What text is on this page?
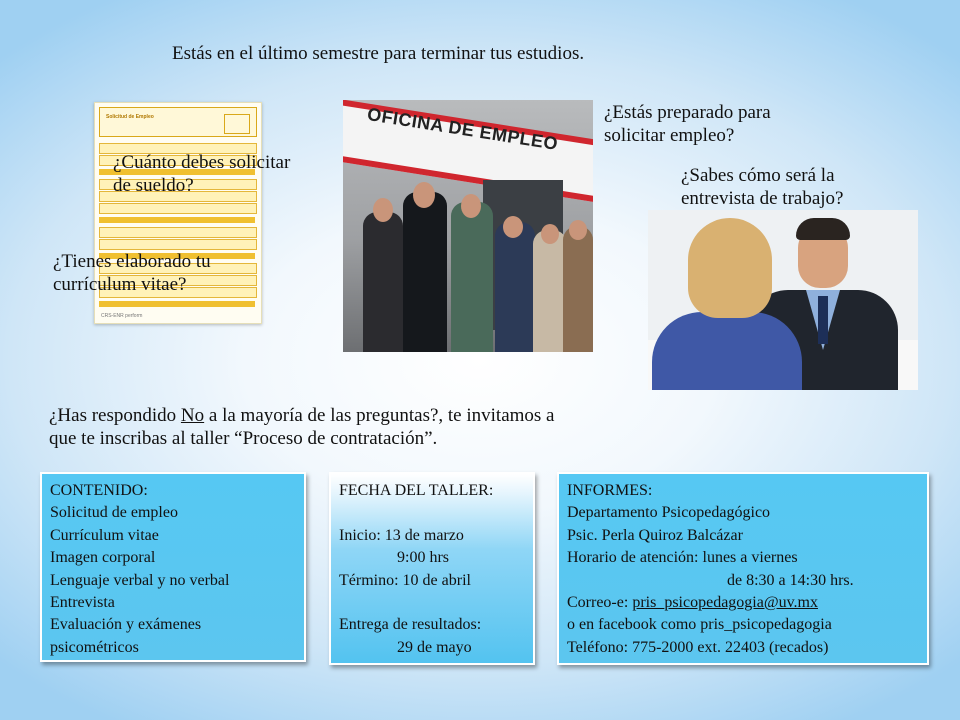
Estás en el último semestre para terminar tus estudios.
Solicitud de Empleo
CRS-ENR perform
¿Cuánto debes solicitar
de sueldo?
¿Tienes elaborado tu
currículum vitae?
OFICINA DE EMPLEO ¿Estás preparado para
solicitar empleo?
¿Sabes cómo será la
entrevista de trabajo?
¿Has respondido No a la mayoría de las preguntas?, te invitamos a
que te inscribas al taller “Proceso de contratación”.
CONTENIDO:
Solicitud de empleo
Currículum vitae
Imagen corporal
Lenguaje verbal y no verbal
Entrevista
Evaluación y exámenes
psicométricos
FECHA DEL TALLER:

Inicio: 13 de marzo
9:00 hrs
Término: 10 de abril

Entrega de resultados:
29 de mayo
INFORMES:
Departamento Psicopedagógico
Psic. Perla Quiroz Balcázar
Horario de atención: lunes a viernes
de 8:30 a 14:30 hrs.
Correo-e: pris_psicopedagogia@uv.mx
o en facebook como pris_psicopedagogia
Teléfono: 775-2000 ext. 22403 (recados)
